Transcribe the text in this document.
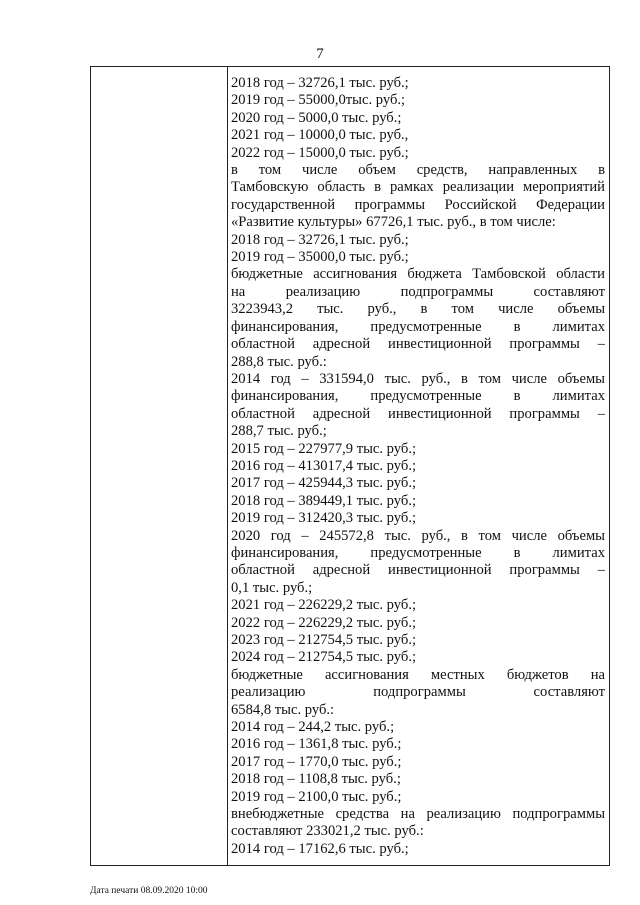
7
2018 год – 32726,1 тыс. руб.;
2019 год – 55000,0тыс. руб.;
2020 год – 5000,0 тыс. руб.;
2021 год – 10000,0 тыс. руб.,
2022 год – 15000,0 тыс. руб.;
в том числе объем средств, направленных в
Тамбовскую область в рамках реализации мероприятий
государственной программы Российской Федерации
«Развитие культуры» 67726,1 тыс. руб., в том числе:
2018 год – 32726,1 тыс. руб.;
2019 год – 35000,0 тыс. руб.;
бюджетные ассигнования бюджета Тамбовской области
на реализацию подпрограммы составляют
3223943,2 тыс. руб., в том числе объемы
финансирования, предусмотренные в лимитах
областной адресной инвестиционной программы –
288,8 тыс. руб.:
2014 год – 331594,0 тыс. руб., в том числе объемы
финансирования, предусмотренные в лимитах
областной адресной инвестиционной программы –
288,7 тыс. руб.;
2015 год – 227977,9 тыс. руб.;
2016 год – 413017,4 тыс. руб.;
2017 год – 425944,3 тыс. руб.;
2018 год – 389449,1 тыс. руб.;
2019 год – 312420,3 тыс. руб.;
2020 год – 245572,8 тыс. руб., в том числе объемы
финансирования, предусмотренные в лимитах
областной адресной инвестиционной программы –
0,1 тыс. руб.;
2021 год – 226229,2 тыс. руб.;
2022 год – 226229,2 тыс. руб.;
2023 год – 212754,5 тыс. руб.;
2024 год – 212754,5 тыс. руб.;
бюджетные ассигнования местных бюджетов на
реализацию подпрограммы составляют
6584,8 тыс. руб.:
2014 год – 244,2 тыс. руб.;
2016 год – 1361,8 тыс. руб.;
2017 год – 1770,0 тыс. руб.;
2018 год – 1108,8 тыс. руб.;
2019 год – 2100,0 тыс. руб.;
внебюджетные средства на реализацию подпрограммы
составляют 233021,2 тыс. руб.:
2014 год – 17162,6 тыс. руб.;
Дата печати 08.09.2020 10:00
